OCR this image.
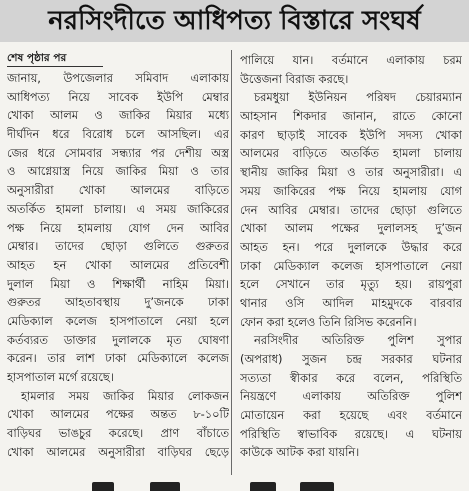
নরসিংদীতে আধিপত্য বিস্তারে সংঘর্ষ
শেষ পৃষ্ঠার পর
জানায়, উপজেলার সমিবাদ এলাকায়
আধিপত্য নিয়ে সাবেক ইউপি মেম্বার
খোকা আলম ও জাকির মিয়ার মধ্যে
দীর্ঘদিন ধরে বিরোধ চলে আসছিল। এর
জের ধরে সোমবার সন্ধ্যার পর দেশীয় অস্ত্র
ও আগ্নেয়াস্ত্র নিয়ে জাকির মিয়া ও তার
অনুসারীরা খোকা আলমের বাড়িতে
অতর্কিত হামলা চালায়। এ সময় জাকিরের
পক্ষ নিয়ে হামলায় যোগ দেন আবির
মেম্বার। তাদের ছোড়া গুলিতে গুরুতর
আহত হন খোকা আলমের প্রতিবেশী
দুলাল মিয়া ও শিক্ষার্থী নাহিম মিয়া।
গুরুতর আহতাবস্থায় দু’জনকে ঢাকা
মেডিক্যাল কলেজ হাসপাতালে নেয়া হলে
কর্তব্যরত ডাক্তার দুলালকে মৃত ঘোষণা
করেন। তার লাশ ঢাকা মেডিক্যালে কলেজ
হাসপাতাল মর্গে রয়েছে।
হামলার সময় জাকির মিয়ার লোকজন
খোকা আলমের পক্ষের অন্তত ৮-১০টি
বাড়িঘর ভাঙচুর করেছে। প্রাণ বাঁচাতে
খোকা আলমের অনুসারীরা বাড়িঘর ছেড়ে
পালিয়ে যান। বর্তমানে এলাকায় চরম
উত্তেজনা বিরাজ করছে।
চরমধুয়া ইউনিয়ন পরিষদ চেয়ারম্যান
আহসান শিকদার জানান, রাতে কোনো
কারণ ছাড়াই সাবেক ইউপি সদস্য খোকা
আলমের বাড়িতে অতর্কিত হামলা চালায়
স্থানীয় জাকির মিয়া ও তার অনুসারীরা। এ
সময় জাকিরের পক্ষ নিয়ে হামলায় যোগ
দেন আবির মেম্বার। তাদের ছোড়া গুলিতে
খোকা আলম পক্ষের দুলালসহ দু’জন
আহত হন। পরে দুলালকে উদ্ধার করে
ঢাকা মেডিক্যাল কলেজ হাসপাতালে নেয়া
হলে সেখানে তার মৃত্যু হয়। রায়পুরা
থানার ওসি আদিল মাহমুদকে বারবার
ফোন করা হলেও তিনি রিসিভ করেননি।
নরসিংদীর অতিরিক্ত পুলিশ সুপার
(অপরাধ) সুজন চন্দ্র সরকার ঘটনার
সত্যতা স্বীকার করে বলেন, পরিস্থিতি
নিয়ন্ত্রণে এলাকায় অতিরিক্ত পুলিশ
মোতায়েন করা হয়েছে এবং বর্তমানে
পরিস্থিতি স্বাভাবিক রয়েছে। এ ঘটনায়
কাউকে আটক করা যায়নি।
